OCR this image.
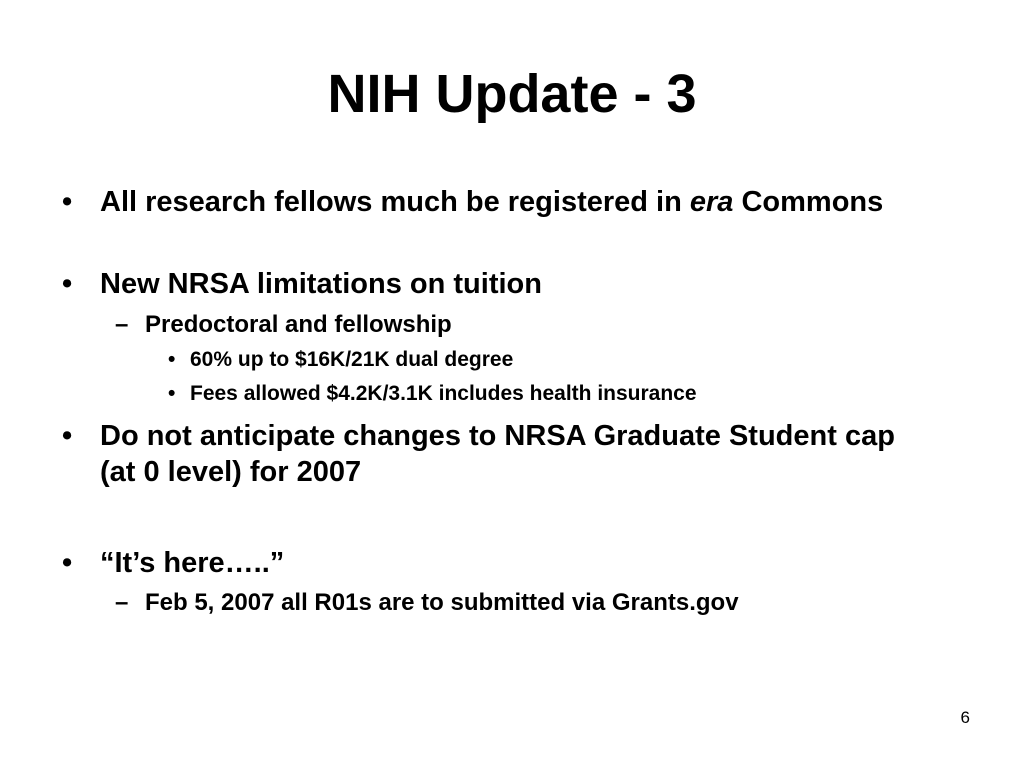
NIH Update - 3
• All research fellows much be registered in era Commons
• New NRSA limitations on tuition
– Predoctoral and fellowship
• 60% up to $16K/21K dual degree
• Fees allowed $4.2K/3.1K includes health insurance
• Do not anticipate changes to NRSA Graduate Student cap (at 0 level) for 2007
• “It’s here…..”
– Feb 5, 2007 all R01s are to submitted via Grants.gov
6
